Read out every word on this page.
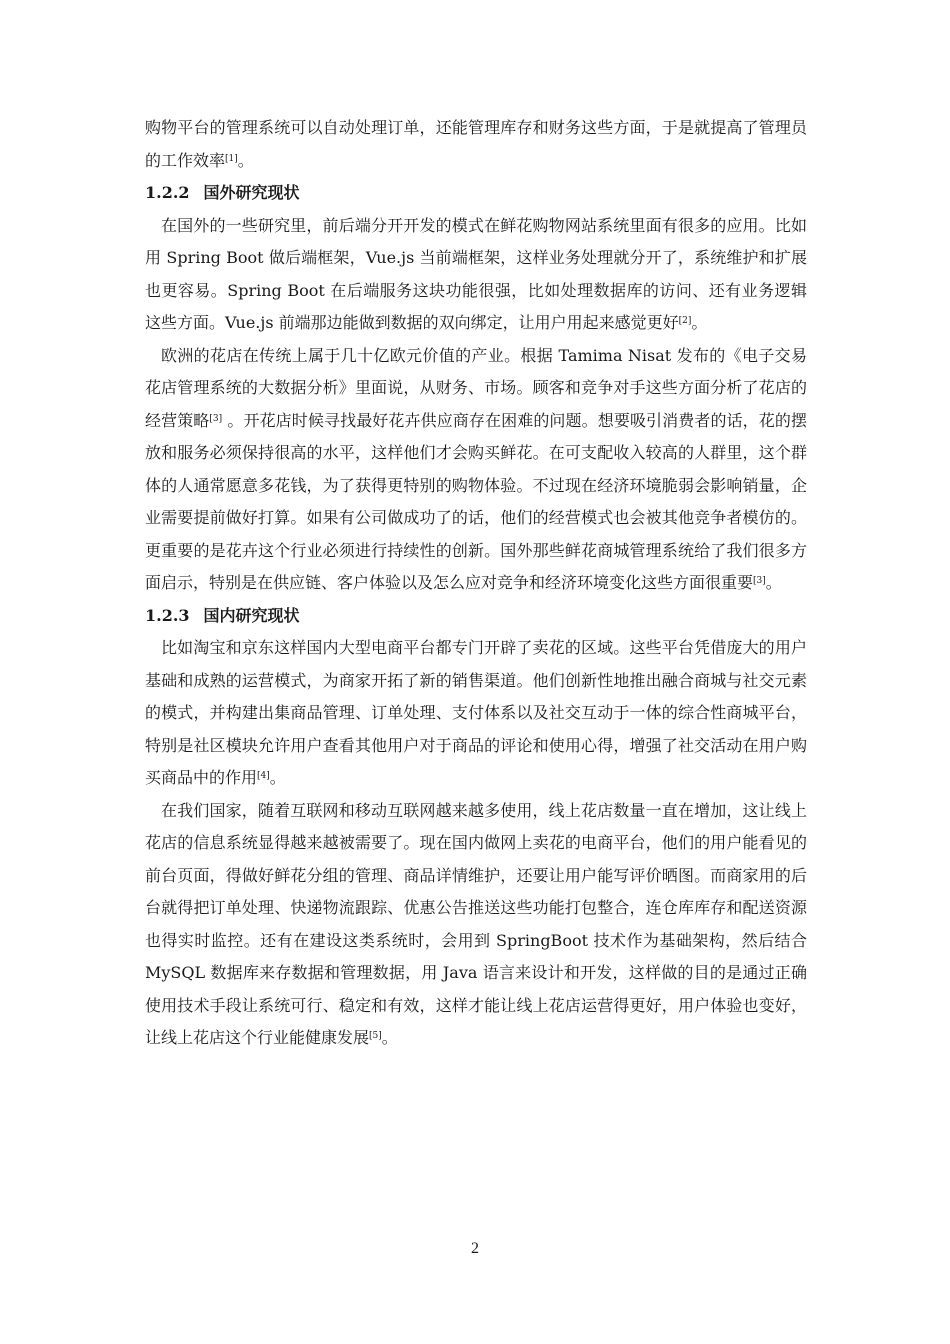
购物平台的管理系统可以自动处理订单，还能管理库存和财务这些方面，于是就提高了管理员的工作效率[1]。

1.2.2 国外研究现状

在国外的一些研究里，前后端分开开发的模式在鲜花购物网站系统里面有很多的应用。比如用 Spring Boot 做后端框架，Vue.js 当前端框架，这样业务处理就分开了，系统维护和扩展也更容易。Spring Boot 在后端服务这块功能很强，比如处理数据库的访问、还有业务逻辑这些方面。Vue.js 前端那边能做到数据的双向绑定，让用户用起来感觉更好[2]。

欧洲的花店在传统上属于几十亿欧元价值的产业。根据 Tamima Nisat 发布的《电子交易花店管理系统的大数据分析》里面说，从财务、市场。顾客和竞争对手这些方面分析了花店的经营策略[3] 。开花店时候寻找最好花卉供应商存在困难的问题。想要吸引消费者的话，花的摆放和服务必须保持很高的水平，这样他们才会购买鲜花。在可支配收入较高的人群里，这个群体的人通常愿意多花钱，为了获得更特别的购物体验。不过现在经济环境脆弱会影响销量，企业需要提前做好打算。如果有公司做成功了的话，他们的经营模式也会被其他竞争者模仿的。更重要的是花卉这个行业必须进行持续性的创新。国外那些鲜花商城管理系统给了我们很多方面启示，特别是在供应链、客户体验以及怎么应对竞争和经济环境变化这些方面很重要[3]。

1.2.3 国内研究现状

比如淘宝和京东这样国内大型电商平台都专门开辟了卖花的区域。这些平台凭借庞大的用户基础和成熟的运营模式，为商家开拓了新的销售渠道。他们创新性地推出融合商城与社交元素的模式，并构建出集商品管理、订单处理、支付体系以及社交互动于一体的综合性商城平台，特别是社区模块允许用户查看其他用户对于商品的评论和使用心得，增强了社交活动在用户购买商品中的作用[4]。

在我们国家，随着互联网和移动互联网越来越多使用，线上花店数量一直在增加，这让线上花店的信息系统显得越来越被需要了。现在国内做网上卖花的电商平台，他们的用户能看见的前台页面，得做好鲜花分组的管理、商品详情维护，还要让用户能写评价晒图。而商家用的后台就得把订单处理、快递物流跟踪、优惠公告推送这些功能打包整合，连仓库库存和配送资源也得实时监控。还有在建设这类系统时，会用到 SpringBoot 技术作为基础架构，然后结合 MySQL 数据库来存数据和管理数据，用 Java 语言来设计和开发，这样做的目的是通过正确使用技术手段让系统可行、稳定和有效，这样才能让线上花店运营得更好，用户体验也变好，让线上花店这个行业能健康发展[5]。

2
